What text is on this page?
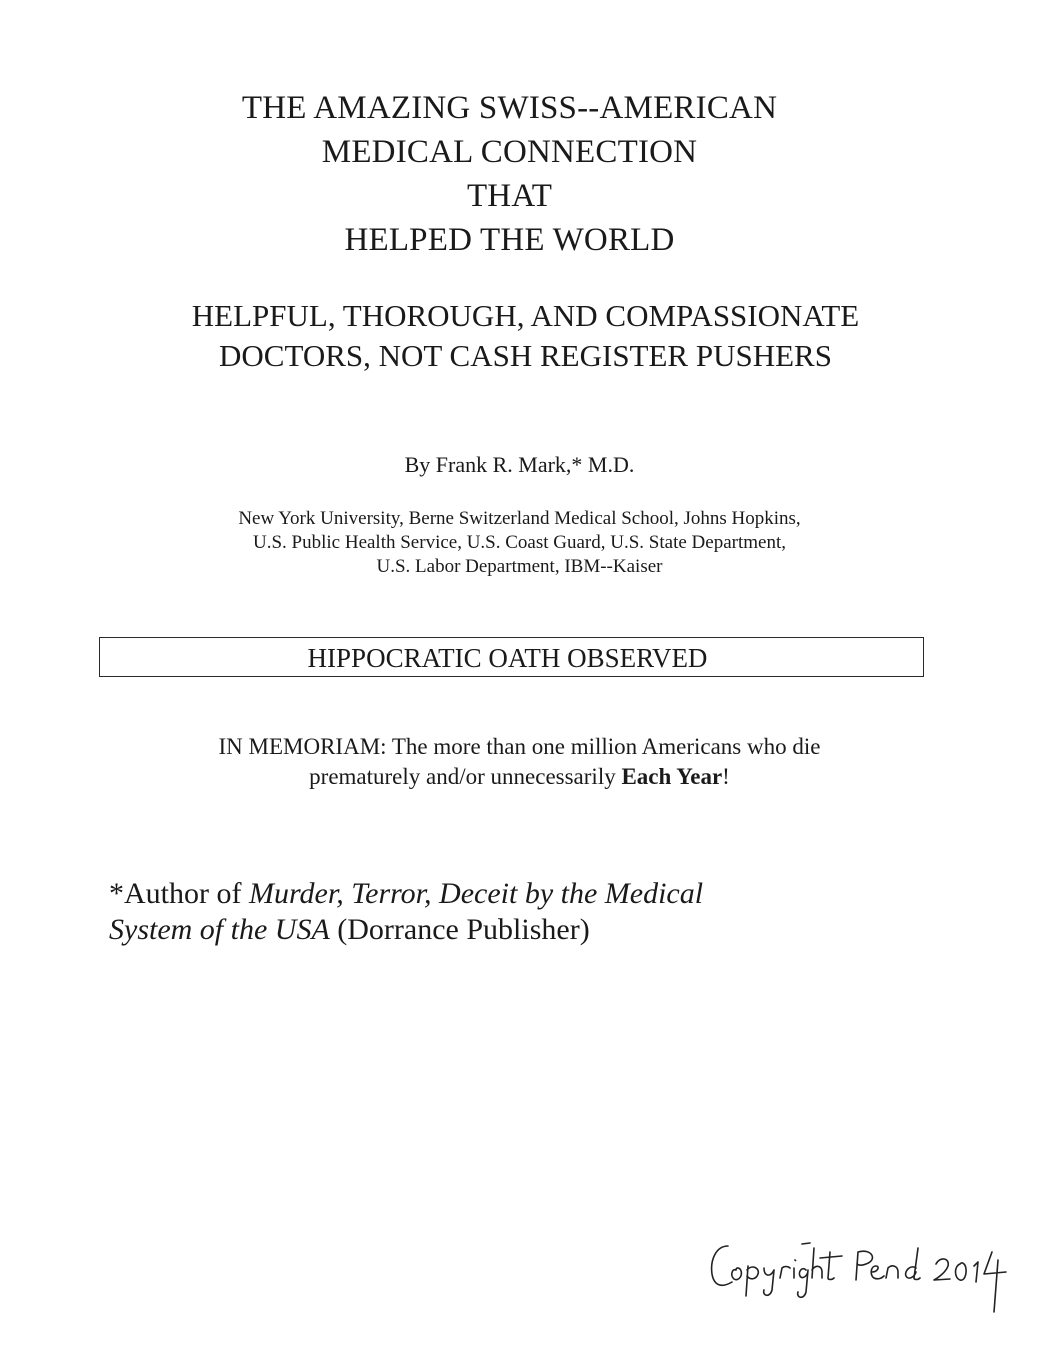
THE AMAZING SWISS--AMERICAN
MEDICAL CONNECTION
THAT
HELPED THE WORLD
HELPFUL, THOROUGH, AND COMPASSIONATE
DOCTORS, NOT CASH REGISTER PUSHERS
By Frank R. Mark,* M.D.
New York University, Berne Switzerland Medical School, Johns Hopkins,
U.S. Public Health Service, U.S. Coast Guard, U.S. State Department,
U.S. Labor Department, IBM--Kaiser
HIPPOCRATIC OATH OBSERVED
IN MEMORIAM: The more than one million Americans who die
prematurely and/or unnecessarily Each Year!
*Author of Murder, Terror, Deceit by the Medical
System of the USA (Dorrance Publisher)
